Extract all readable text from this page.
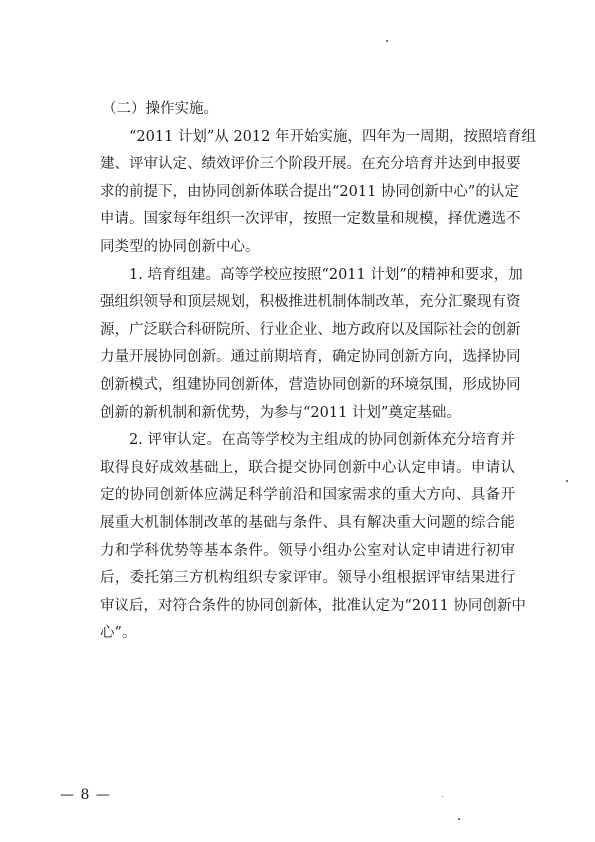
（二）操作实施。
“2011 计划”从 2012 年开始实施，四年为一周期，按照培育组
建、评审认定、绩效评价三个阶段开展。在充分培育并达到申报要
求的前提下，由协同创新体联合提出“2011 协同创新中心”的认定
申请。国家每年组织一次评审，按照一定数量和规模，择优遴选不
同类型的协同创新中心。
1. 培育组建。高等学校应按照“2011 计划”的精神和要求，加
强组织领导和顶层规划，积极推进机制体制改革，充分汇聚现有资
源，广泛联合科研院所、行业企业、地方政府以及国际社会的创新
力量开展协同创新。通过前期培育，确定协同创新方向，选择协同
创新模式，组建协同创新体，营造协同创新的环境氛围，形成协同
创新的新机制和新优势，为参与“2011 计划”奠定基础。
2. 评审认定。在高等学校为主组成的协同创新体充分培育并
取得良好成效基础上，联合提交协同创新中心认定申请。申请认
定的协同创新体应满足科学前沿和国家需求的重大方向、具备开
展重大机制体制改革的基础与条件、具有解决重大问题的综合能
力和学科优势等基本条件。领导小组办公室对认定申请进行初审
后，委托第三方机构组织专家评审。领导小组根据评审结果进行
审议后，对符合条件的协同创新体，批准认定为“2011 协同创新中
心”。
— 8 —
